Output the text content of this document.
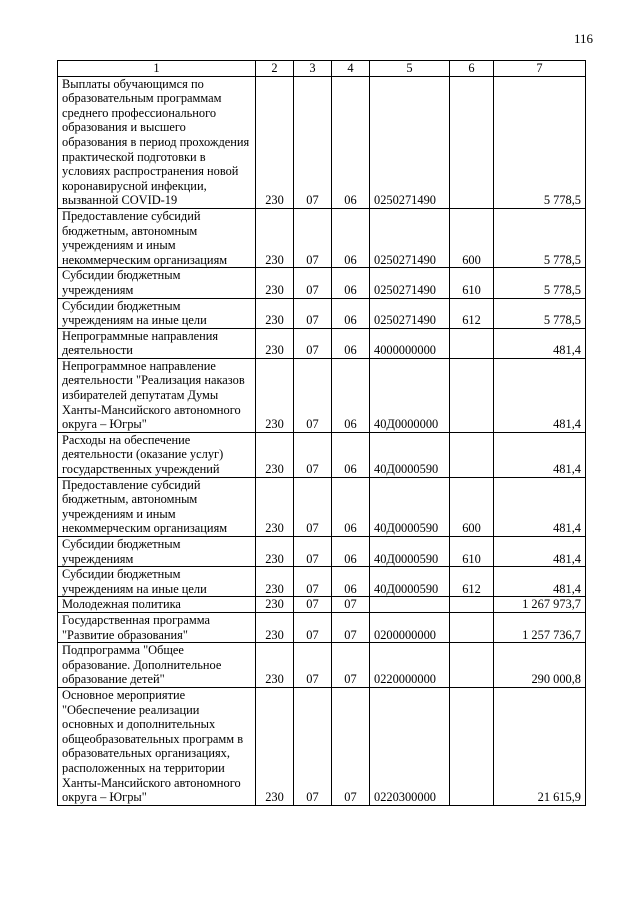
116
1	2	3	4	5	6	7
Выплаты обучающимся по образовательным программам среднего профессионального образования и высшего образования в период прохождения практической подготовки в условиях распространения новой коронавирусной инфекции, вызванной COVID-19	230	07	06	0250271490		5 778,5
Предоставление субсидий бюджетным, автономным учреждениям и иным некоммерческим организациям	230	07	06	0250271490	600	5 778,5
Субсидии бюджетным учреждениям	230	07	06	0250271490	610	5 778,5
Субсидии бюджетным учреждениям на иные цели	230	07	06	0250271490	612	5 778,5
Непрограммные направления деятельности	230	07	06	4000000000		481,4
Непрограммное направление деятельности "Реализация наказов избирателей депутатам Думы Ханты-Мансийского автономного округа – Югры"	230	07	06	40Д0000000		481,4
Расходы на обеспечение деятельности (оказание услуг) государственных учреждений	230	07	06	40Д0000590		481,4
Предоставление субсидий бюджетным, автономным учреждениям и иным некоммерческим организациям	230	07	06	40Д0000590	600	481,4
Субсидии бюджетным учреждениям	230	07	06	40Д0000590	610	481,4
Субсидии бюджетным учреждениям на иные цели	230	07	06	40Д0000590	612	481,4
Молодежная политика	230	07	07			1 267 973,7
Государственная программа "Развитие образования"	230	07	07	0200000000		1 257 736,7
Подпрограмма "Общее образование. Дополнительное образование детей"	230	07	07	0220000000		290 000,8
Основное мероприятие "Обеспечение реализации основных и дополнительных общеобразовательных программ в образовательных организациях, расположенных на территории Ханты-Мансийского автономного округа – Югры"	230	07	07	0220300000		21 615,9
